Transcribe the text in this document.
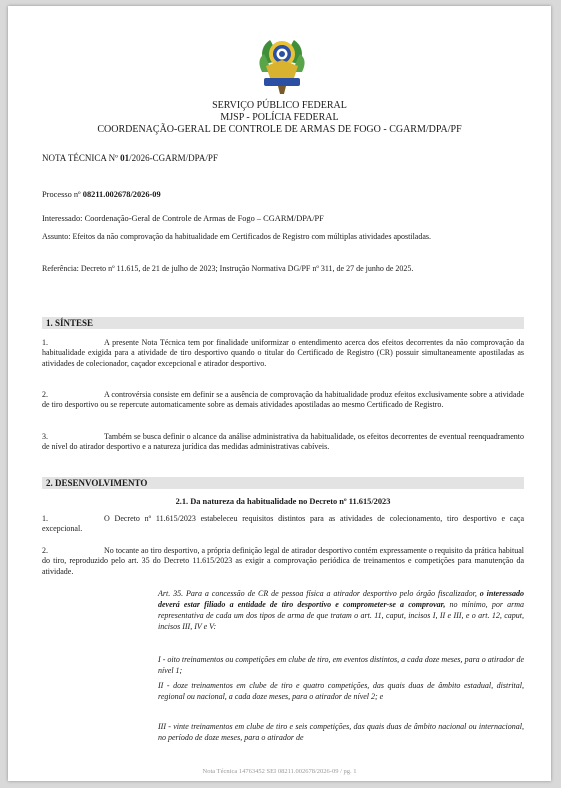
SERVIÇO PÚBLICO FEDERAL
MJSP - POLÍCIA FEDERAL
COORDENAÇÃO-GERAL DE CONTROLE DE ARMAS DE FOGO - CGARM/DPA/PF
NOTA TÉCNICA Nº 01/2026-CGARM/DPA/PF
Processo nº 08211.002678/2026-09
Interessado: Coordenação-Geral de Controle de Armas de Fogo – CGARM/DPA/PF
Assunto: Efeitos da não comprovação da habitualidade em Certificados de Registro com múltiplas atividades apostiladas.
Referência: Decreto nº 11.615, de 21 de julho de 2023; Instrução Normativa DG/PF nº 311, de 27 de junho de 2025.
1. SÍNTESE
1.	A presente Nota Técnica tem por finalidade uniformizar o entendimento acerca dos efeitos decorrentes da não comprovação da habitualidade exigida para a atividade de tiro desportivo quando o titular do Certificado de Registro (CR) possuir simultaneamente apostiladas as atividades de colecionador, caçador excepcional e atirador desportivo.
2.	A controvérsia consiste em definir se a ausência de comprovação da habitualidade produz efeitos exclusivamente sobre a atividade de tiro desportivo ou se repercute automaticamente sobre as demais atividades apostiladas ao mesmo Certificado de Registro.
3.	Também se busca definir o alcance da análise administrativa da habitualidade, os efeitos decorrentes de eventual reenquadramento de nível do atirador desportivo e a natureza jurídica das medidas administrativas cabíveis.
2. DESENVOLVIMENTO
2.1. Da natureza da habitualidade no Decreto nº 11.615/2023
1.	O Decreto nº 11.615/2023 estabeleceu requisitos distintos para as atividades de colecionamento, tiro desportivo e caça excepcional.
2.	No tocante ao tiro desportivo, a própria definição legal de atirador desportivo contém expressamente o requisito da prática habitual do tiro, reproduzido pelo art. 35 do Decreto 11.615/2023 as exigir a comprovação periódica de treinamentos e competições para manutenção da atividade.
Art. 35. Para a concessão de CR de pessoa física a atirador desportivo pelo órgão fiscalizador, o interessado deverá estar filiado a entidade de tiro desportivo e comprometer-se a comprovar, no mínimo, por arma representativa de cada um dos tipos de arma de que tratam o art. 11, caput, incisos I, II e III, e o art. 12, caput, incisos III, IV e V:
I - oito treinamentos ou competições em clube de tiro, em eventos distintos, a cada doze meses, para o atirador de nível 1;
II - doze treinamentos em clube de tiro e quatro competições, das quais duas de âmbito estadual, distrital, regional ou nacional, a cada doze meses, para o atirador de nível 2; e
III - vinte treinamentos em clube de tiro e seis competições, das quais duas de âmbito nacional ou internacional, no período de doze meses, para o atirador de
Nota Técnica 14763452 SEI 08211.002678/2026-09 / pg. 1
